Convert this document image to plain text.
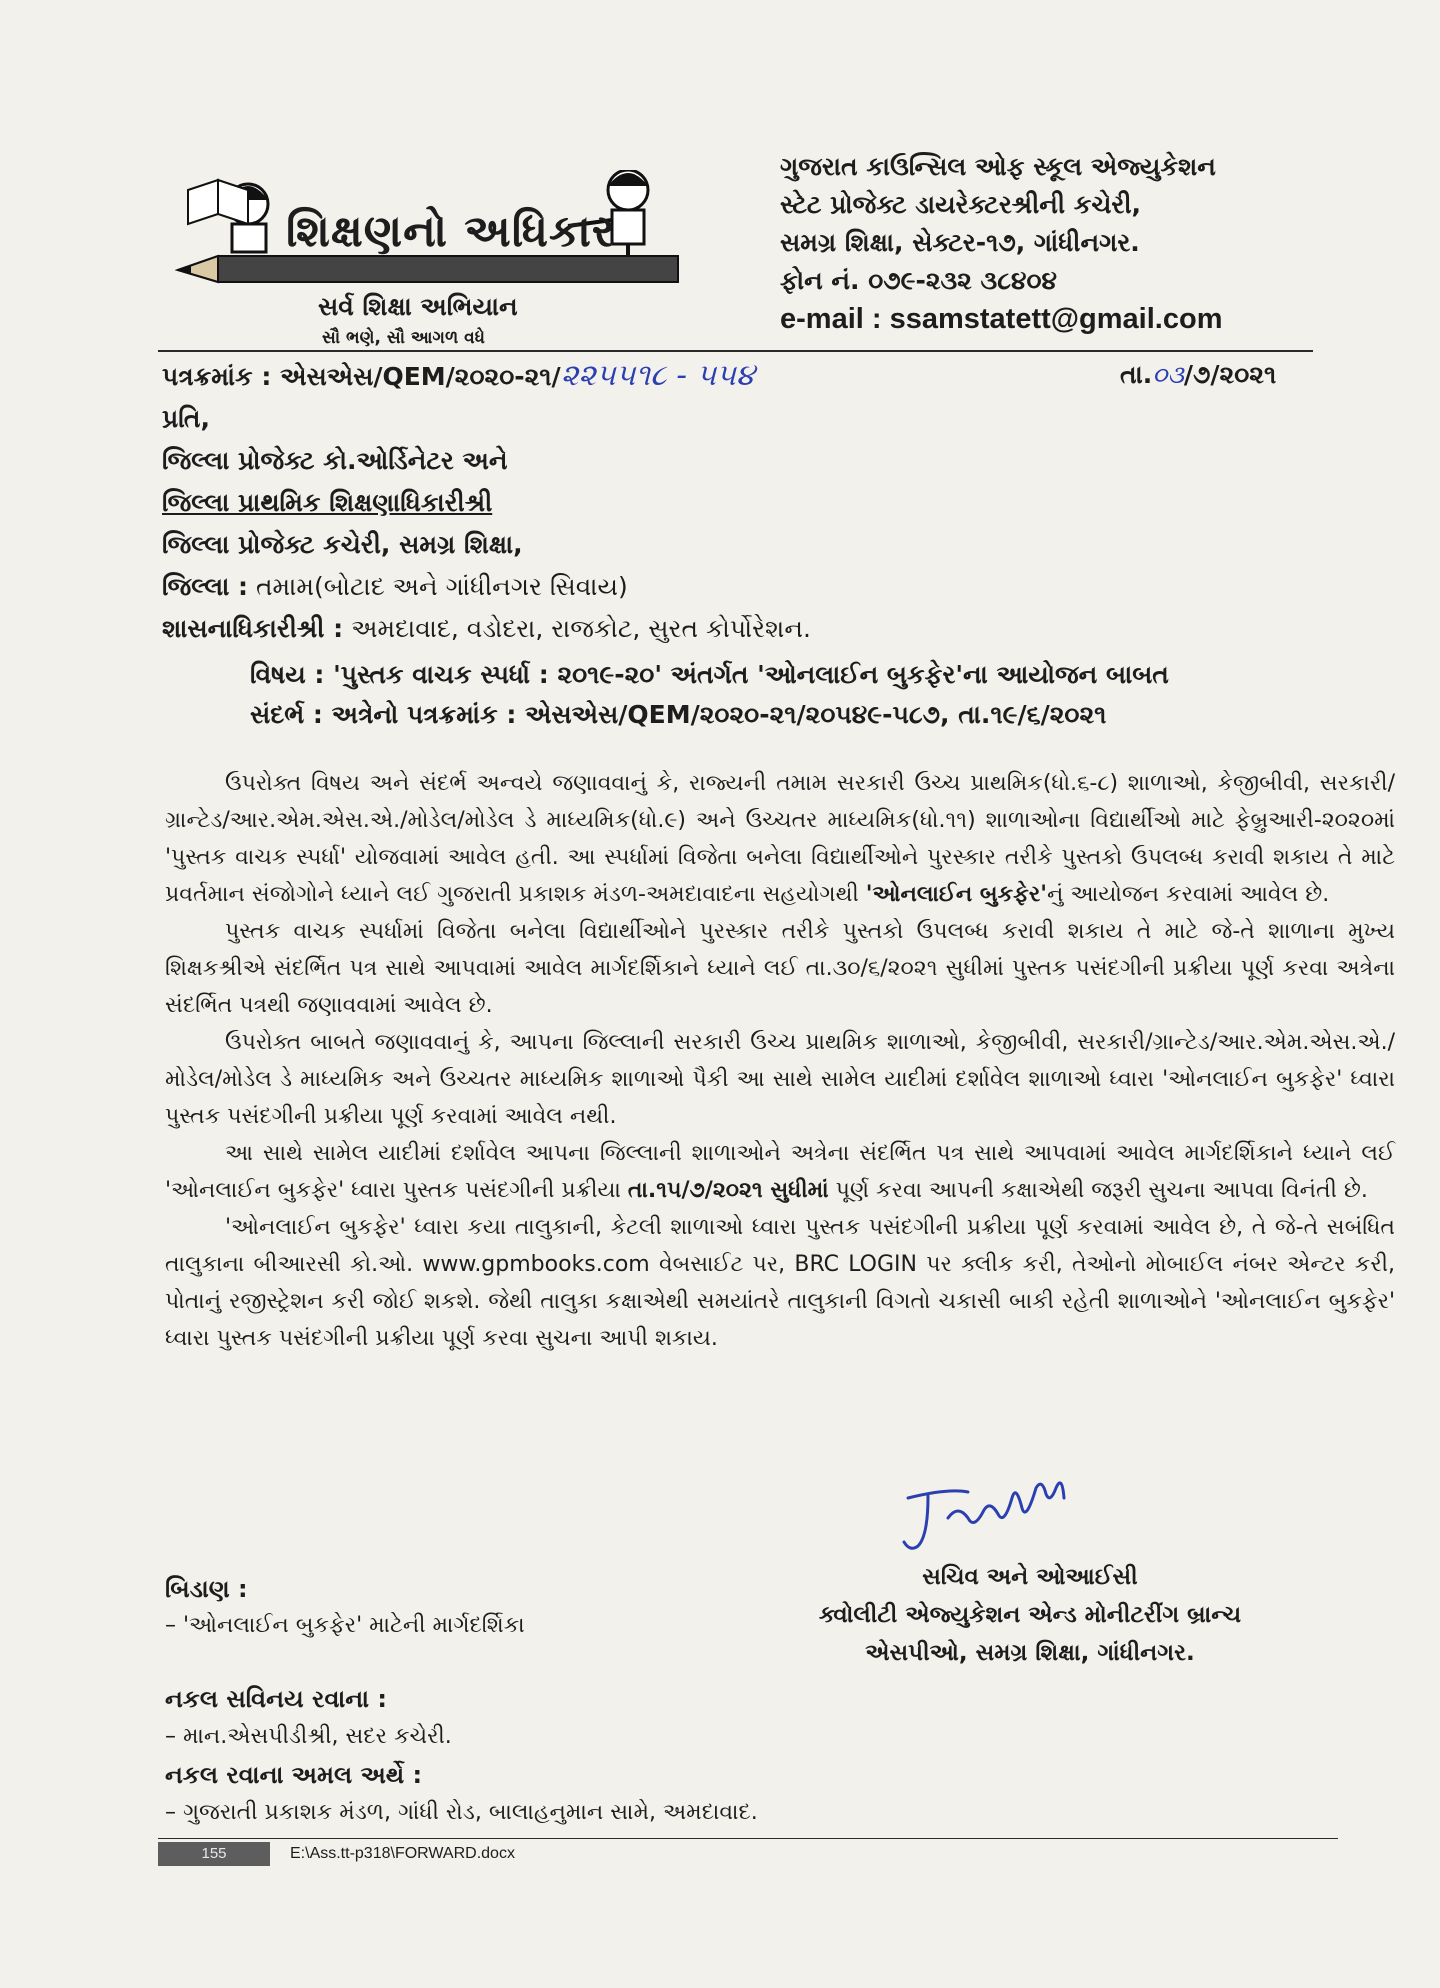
શિક્ષણનો અધિકાર
સર્વ શિક્ષા અભિયાન
સૌ ભણે, સૌ આગળ વધે
ગુજરાત કાઉન્સિલ ઓફ સ્કૂલ એજ્યુકેશન
સ્ટેટ પ્રોજેક્ટ ડાયરેક્ટરશ્રીની કચેરી,
સમગ્ર શિક્ષા, સેક્ટર-૧૭, ગાંધીનગર.
ફોન નં. ૦૭૯-૨૩૨ ૩૮૪૦૪
e-mail : ssamstatett@gmail.com
પત્રક્રમાંક : એસએસ/QEM/૨૦૨૦-૨૧/૨૨૫૫૧૮ - ૫૫૪	તા.૦૩/૭/૨૦૨૧
પ્રતિ,
જિલ્લા પ્રોજેક્ટ કો.ઓર્ડિનેટર અને
જિલ્લા પ્રાથમિક શિક્ષણાધિકારીશ્રી
જિલ્લા પ્રોજેક્ટ કચેરી, સમગ્ર શિક્ષા,
જિલ્લા : તમામ(બોટાદ અને ગાંધીનગર સિવાય)
શાસનાધિકારીશ્રી : અમદાવાદ, વડોદરા, રાજકોટ, સુરત કોર્પોરેશન.
વિષય : 'પુસ્તક વાચક સ્પર્ધા : ૨૦૧૯-૨૦' અંતર્ગત 'ઓનલાઈન બુકફેર'ના આયોજન બાબત
સંદર્ભ : અત્રેનો પત્રક્રમાંક : એસએસ/QEM/૨૦૨૦-૨૧/૨૦૫૪૯-૫૮૭, તા.૧૯/૬/૨૦૨૧

ઉપરોક્ત વિષય અને સંદર્ભ અન્વયે જણાવવાનું કે, રાજ્યની તમામ સરકારી ઉચ્ચ પ્રાથમિક(ધો.૬-૮) શાળાઓ, કેજીબીવી, સરકારી/ગ્રાન્ટેડ/આર.એમ.એસ.એ./મોડેલ/મોડેલ ડે માધ્યમિક(ધો.૯) અને ઉચ્ચતર માધ્યમિક(ધો.૧૧) શાળાઓના વિદ્યાર્થીઓ માટે ફેબ્રુઆરી-૨૦૨૦માં 'પુસ્તક વાચક સ્પર્ધા' યોજવામાં આવેલ હતી. આ સ્પર્ધામાં વિજેતા બનેલા વિદ્યાર્થીઓને પુરસ્કાર તરીકે પુસ્તકો ઉપલબ્ધ કરાવી શકાય તે માટે પ્રવર્તમાન સંજોગોને ધ્યાને લઈ ગુજરાતી પ્રકાશક મંડળ-અમદાવાદના સહયોગથી 'ઓનલાઈન બુકફેર'નું આયોજન કરવામાં આવેલ છે.

પુસ્તક વાચક સ્પર્ધામાં વિજેતા બનેલા વિદ્યાર્થીઓને પુરસ્કાર તરીકે પુસ્તકો ઉપલબ્ધ કરાવી શકાય તે માટે જે-તે શાળાના મુખ્ય શિક્ષકશ્રીએ સંદર્ભિત પત્ર સાથે આપવામાં આવેલ માર્ગદર્શિકાને ધ્યાને લઈ તા.૩૦/૬/૨૦૨૧ સુધીમાં પુસ્તક પસંદગીની પ્રક્રીયા પૂર્ણ કરવા અત્રેના સંદર્ભિત પત્રથી જણાવવામાં આવેલ છે.

ઉપરોક્ત બાબતે જણાવવાનું કે, આપના જિલ્લાની સરકારી ઉચ્ચ પ્રાથમિક શાળાઓ, કેજીબીવી, સરકારી/ગ્રાન્ટેડ/આર.એમ.એસ.એ./મોડેલ/મોડેલ ડે માધ્યમિક અને ઉચ્ચતર માધ્યમિક શાળાઓ પૈકી આ સાથે સામેલ યાદીમાં દર્શાવેલ શાળાઓ ધ્વારા 'ઓનલાઈન બુકફેર' ધ્વારા પુસ્તક પસંદગીની પ્રક્રીયા પૂર્ણ કરવામાં આવેલ નથી.

આ સાથે સામેલ યાદીમાં દર્શાવેલ આપના જિલ્લાની શાળાઓને અત્રેના સંદર્ભિત પત્ર સાથે આપવામાં આવેલ માર્ગદર્શિકાને ધ્યાને લઈ 'ઓનલાઈન બુકફેર' ધ્વારા પુસ્તક પસંદગીની પ્રક્રીયા તા.૧૫/૭/૨૦૨૧ સુધીમાં પૂર્ણ કરવા આપની કક્ષાએથી જરૂરી સુચના આપવા વિનંતી છે.

'ઓનલાઈન બુકફેર' ધ્વારા કયા તાલુકાની, કેટલી શાળાઓ ધ્વારા પુસ્તક પસંદગીની પ્રક્રીયા પૂર્ણ કરવામાં આવેલ છે, તે જે-તે સબંધિત તાલુકાના બીઆરસી કો.ઓ. www.gpmbooks.com વેબસાઈટ પર, BRC LOGIN પર ક્લીક કરી, તેઓનો મોબાઈલ નંબર એન્ટર કરી, પોતાનું રજીસ્ટ્રેશન કરી જોઈ શકશે. જેથી તાલુકા કક્ષાએથી સમયાંતરે તાલુકાની વિગતો ચકાસી બાકી રહેતી શાળાઓને 'ઓનલાઈન બુકફેર' ધ્વારા પુસ્તક પસંદગીની પ્રક્રીયા પૂર્ણ કરવા સુચના આપી શકાય.

સચિવ અને ઓઆઈસી
ક્વોલીટી એજ્યુકેશન એન્ડ મોનીટરીંગ બ્રાન્ચ
એસપીઓ, સમગ્ર શિક્ષા, ગાંધીનગર.
બિડાણ :
– 'ઓનલાઈન બુકફેર' માટેની માર્ગદર્શિકા
નકલ સવિનય રવાના :
– માન.એસપીડીશ્રી, સદર કચેરી.
નકલ રવાના અમલ અર્થે :
– ગુજરાતી પ્રકાશક મંડળ, ગાંધી રોડ, બાલાહનુમાન સામે, અમદાવાદ.
155	E:\Ass.tt-p318\FORWARD.docx
